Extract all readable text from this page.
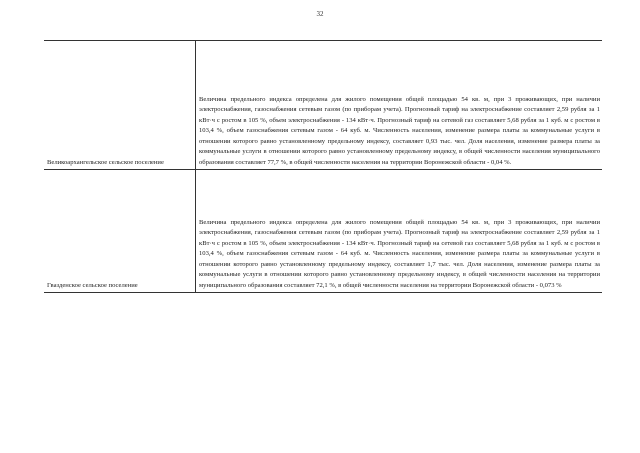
32
Великоархангельское сельское поселение	Величина предельного индекса определена для жилого помещения общей площадью 54 кв. м, при 3 проживающих, при наличии электроснабжения, газоснабжения сетевым газом (по приборам учета). Прогнозный тариф на электроснабжение составляет 2,59 рубля за 1 кВт·ч с ростом в 105 %, объем электроснабжения - 134 кВт·ч. Прогнозный тариф на сетевой газ составляет 5,68 рубля за 1 куб. м с ростом в 103,4 %, объем газоснабжения сетевым газом - 64 куб. м. Численность населения, изменение размера платы за коммунальные услуги в отношении которого равно установленному предельному индексу, составляет 0,93 тыс. чел. Доля населения, изменение размера платы за коммунальные услуги в отношении которого равно установленному предельному индексу, в общей численности населения муниципального образования составляет 77,7 %, в общей численности населения на территории Воронежской области - 0,04 %.

Гвазденское сельское поселение	Величина предельного индекса определена для жилого помещения общей площадью 54 кв. м, при 3 проживающих, при наличии электроснабжения, газоснабжения сетевым газом (по приборам учета). Прогнозный тариф на электроснабжение составляет 2,59 рубля за 1 кВт·ч с ростом в 105 %, объем электроснабжения - 134 кВт·ч. Прогнозный тариф на сетевой газ составляет 5,68 рубля за 1 куб. м с ростом в 103,4 %, объем газоснабжения сетевым газом - 64 куб. м. Численность населения, изменение размера платы за коммунальные услуги в отношении которого равно установленному предельному индексу, составляет 1,7 тыс. чел. Доля населения, изменение размера платы за коммунальные услуги в отношении которого равно установленному предельному индексу, в общей численности населения на территории муниципального образования составляет 72,1 %, в общей численности населения на территории Воронежской области - 0,073 %
